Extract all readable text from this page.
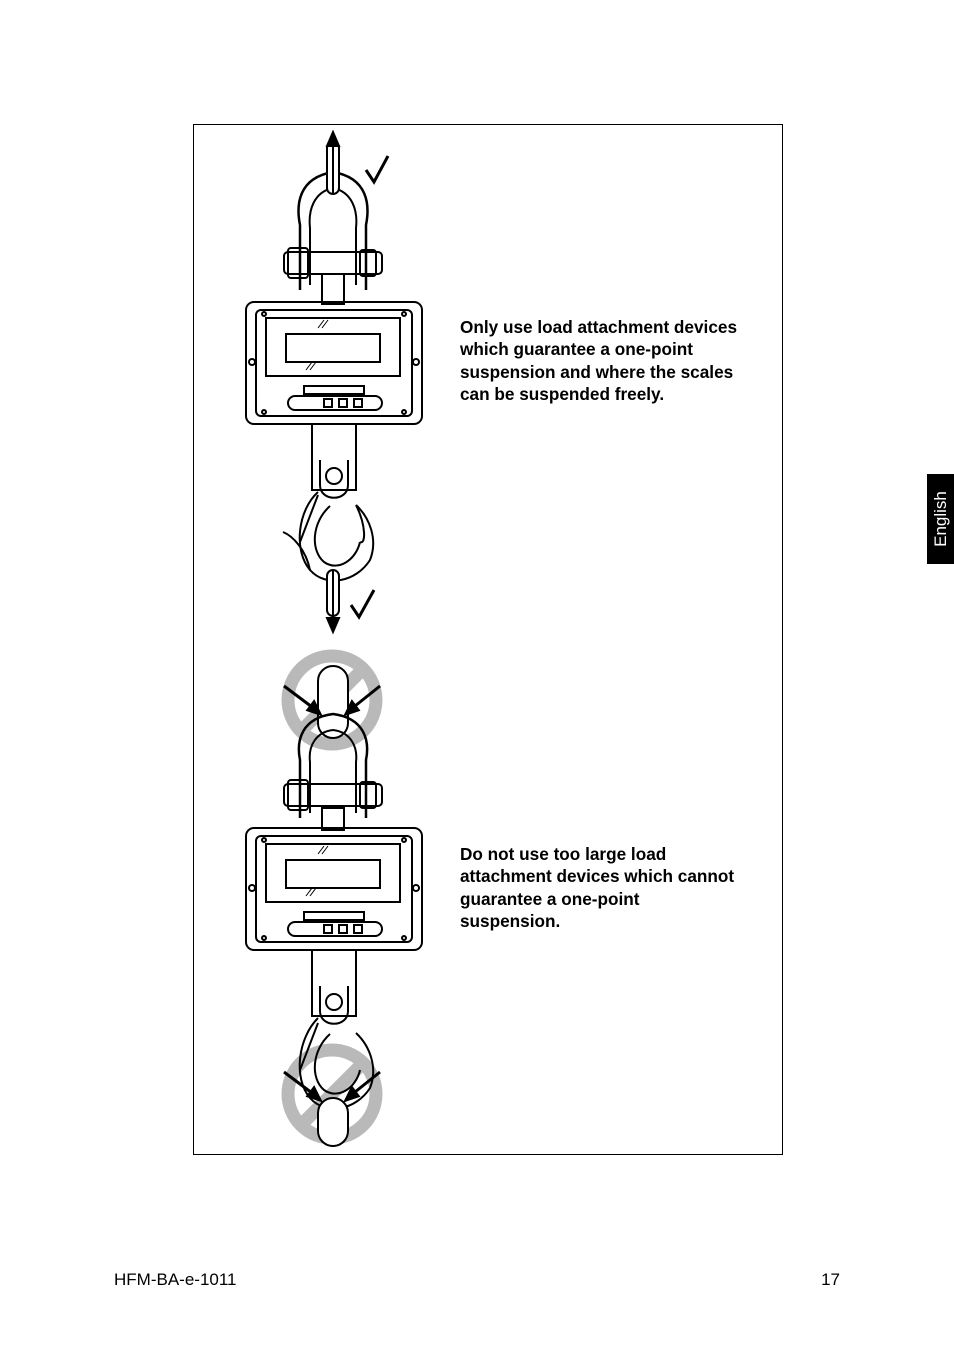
Only use load attachment devices
which guarantee a one-point
suspension and where the scales
can be suspended freely.
Do not use too large load
attachment devices which cannot
guarantee a one-point
suspension.
English
HFM-BA-e-1011	17
